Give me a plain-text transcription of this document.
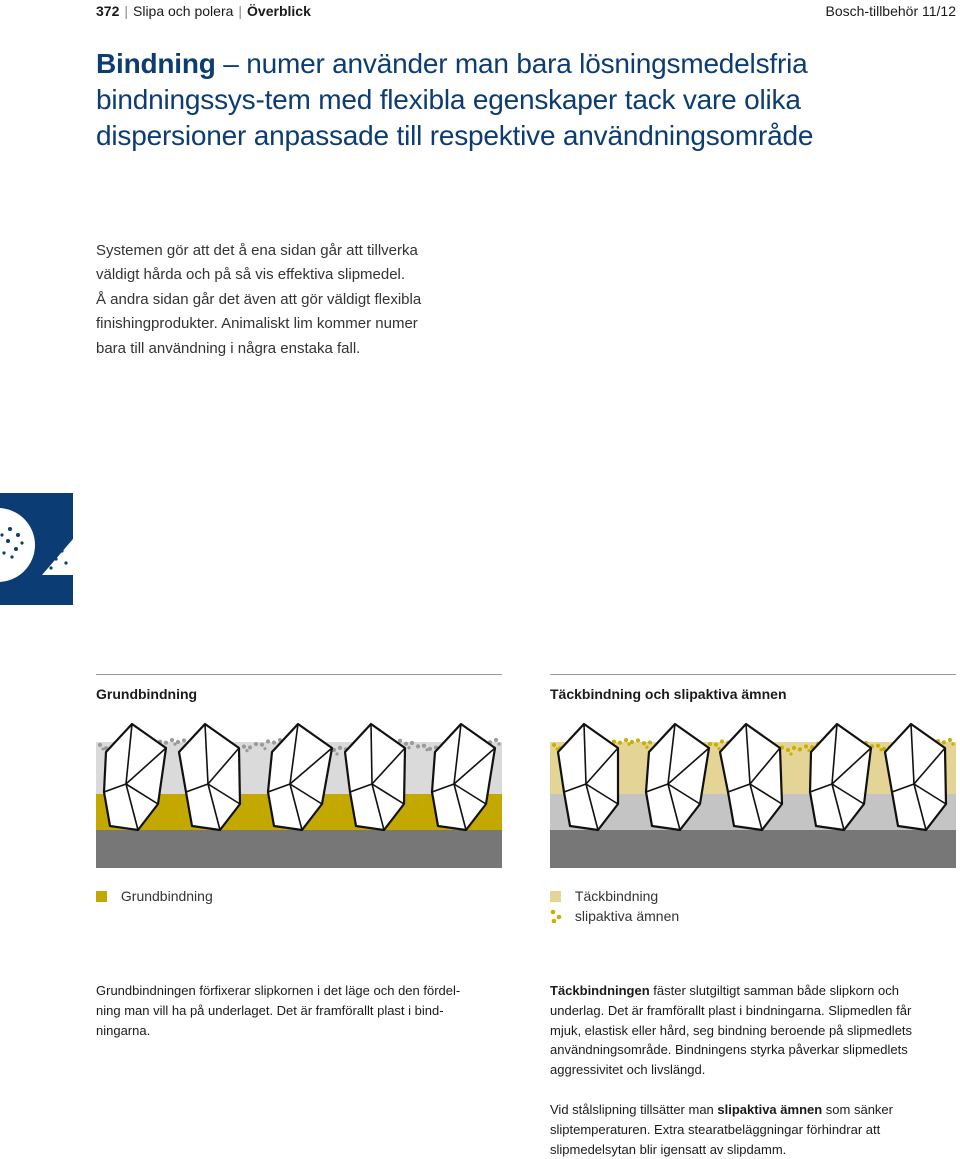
372 | Slipa och polera | Överblick	Bosch-tillbehör 11/12
Bindning – numer använder man bara lösningsmedelsfria bindningssys-tem med flexibla egenskaper tack vare olika dispersioner anpassade till respektive användningsområde
Systemen gör att det å ena sidan går att tillverka
väldigt hårda och på så vis effektiva slipmedel.
Å andra sidan går det även att gör väldigt flexibla
finishingprodukter. Animaliskt lim kommer numer
bara till användning i några enstaka fall.
Grundbindning
Grundbindning
Grundbindningen förfixerar slipkornen i det läge och den fördel-
ning man vill ha på underlaget. Det är framförallt plast i bind-
ningarna.
Täckbindning och slipaktiva ämnen
Täckbindning
slipaktiva ämnen
Täckbindningen fäster slutgiltigt samman både slipkorn och
underlag. Det är framförallt plast i bindningarna. Slipmedlen får
mjuk, elastisk eller hård, seg bindning beroende på slipmedlets
användningsområde. Bindningens styrka påverkar slipmedlets
aggressivitet och livslängd.
Vid stålslipning tillsätter man slipaktiva ämnen som sänker
sliptemperaturen. Extra stearatbeläggningar förhindrar att
slipmedelsytan blir igensatt av slipdamm.
